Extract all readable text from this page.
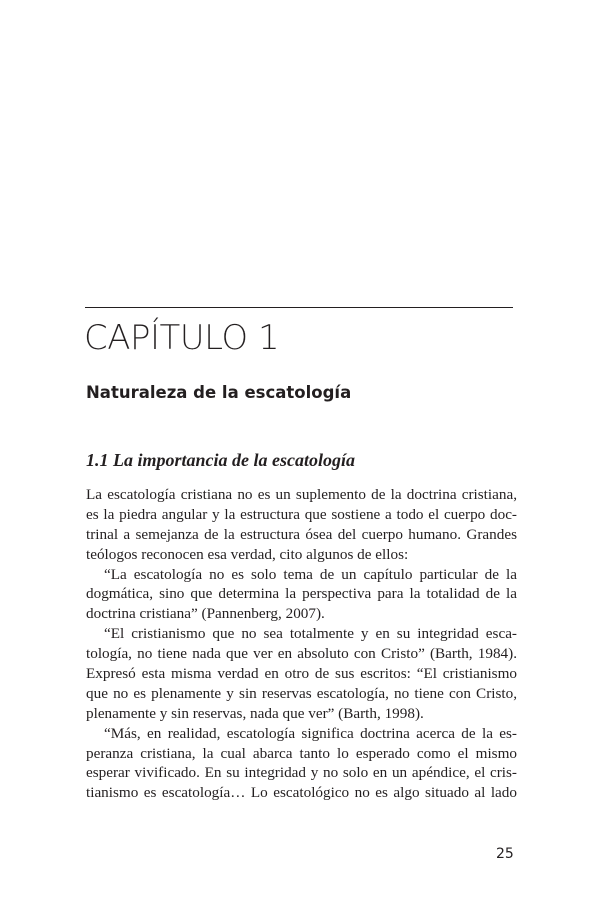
CAPÍTULO 1
Naturaleza de la escatología
1.1 La importancia de la escatología
La escatología cristiana no es un suplemento de la doctrina cristiana,
es la piedra angular y la estructura que sostiene a todo el cuerpo doc-
trinal a semejanza de la estructura ósea del cuerpo humano. Grandes
teólogos reconocen esa verdad, cito algunos de ellos:
“La escatología no es solo tema de un capítulo particular de la
dogmática, sino que determina la perspectiva para la totalidad de la
doctrina cristiana” (Pannenberg, 2007).
“El cristianismo que no sea totalmente y en su integridad esca-
tología, no tiene nada que ver en absoluto con Cristo” (Barth, 1984).
Expresó esta misma verdad en otro de sus escritos: “El cristianismo
que no es plenamente y sin reservas escatología, no tiene con Cristo,
plenamente y sin reservas, nada que ver” (Barth, 1998).
“Más, en realidad, escatología significa doctrina acerca de la es-
peranza cristiana, la cual abarca tanto lo esperado como el mismo
esperar vivificado. En su integridad y no solo en un apéndice, el cris-
tianismo es escatología… Lo escatológico no es algo situado al lado
25
